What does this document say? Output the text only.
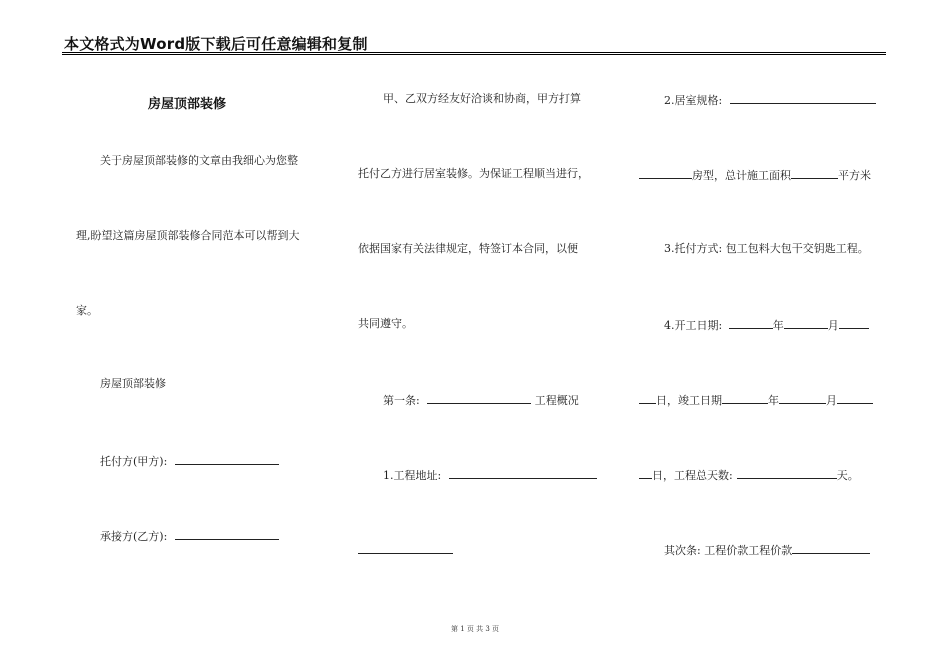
本文格式为Word版下载后可任意编辑和复制
房屋顶部装修
关于房屋顶部装修的文章由我细心为您整
理,盼望这篇房屋顶部装修合同范本可以帮到大
家。
房屋顶部装修
托付方(甲方):
承接方(乙方):
甲、乙双方经友好洽谈和协商，甲方打算
托付乙方进行居室装修。为保证工程顺当进行，
依据国家有关法律规定，特签订本合同，以便
共同遵守。
第一条:	工程概况
1.工程地址:
2.居室规格:
房型，总计施工面积	平方米
3.托付方式: 包工包料大包干交钥匙工程。
4.开工日期:	年	月
日，竣工日期	年	月
日，工程总天数:	天。
其次条: 工程价款工程价款
第 1 页 共 3 页
